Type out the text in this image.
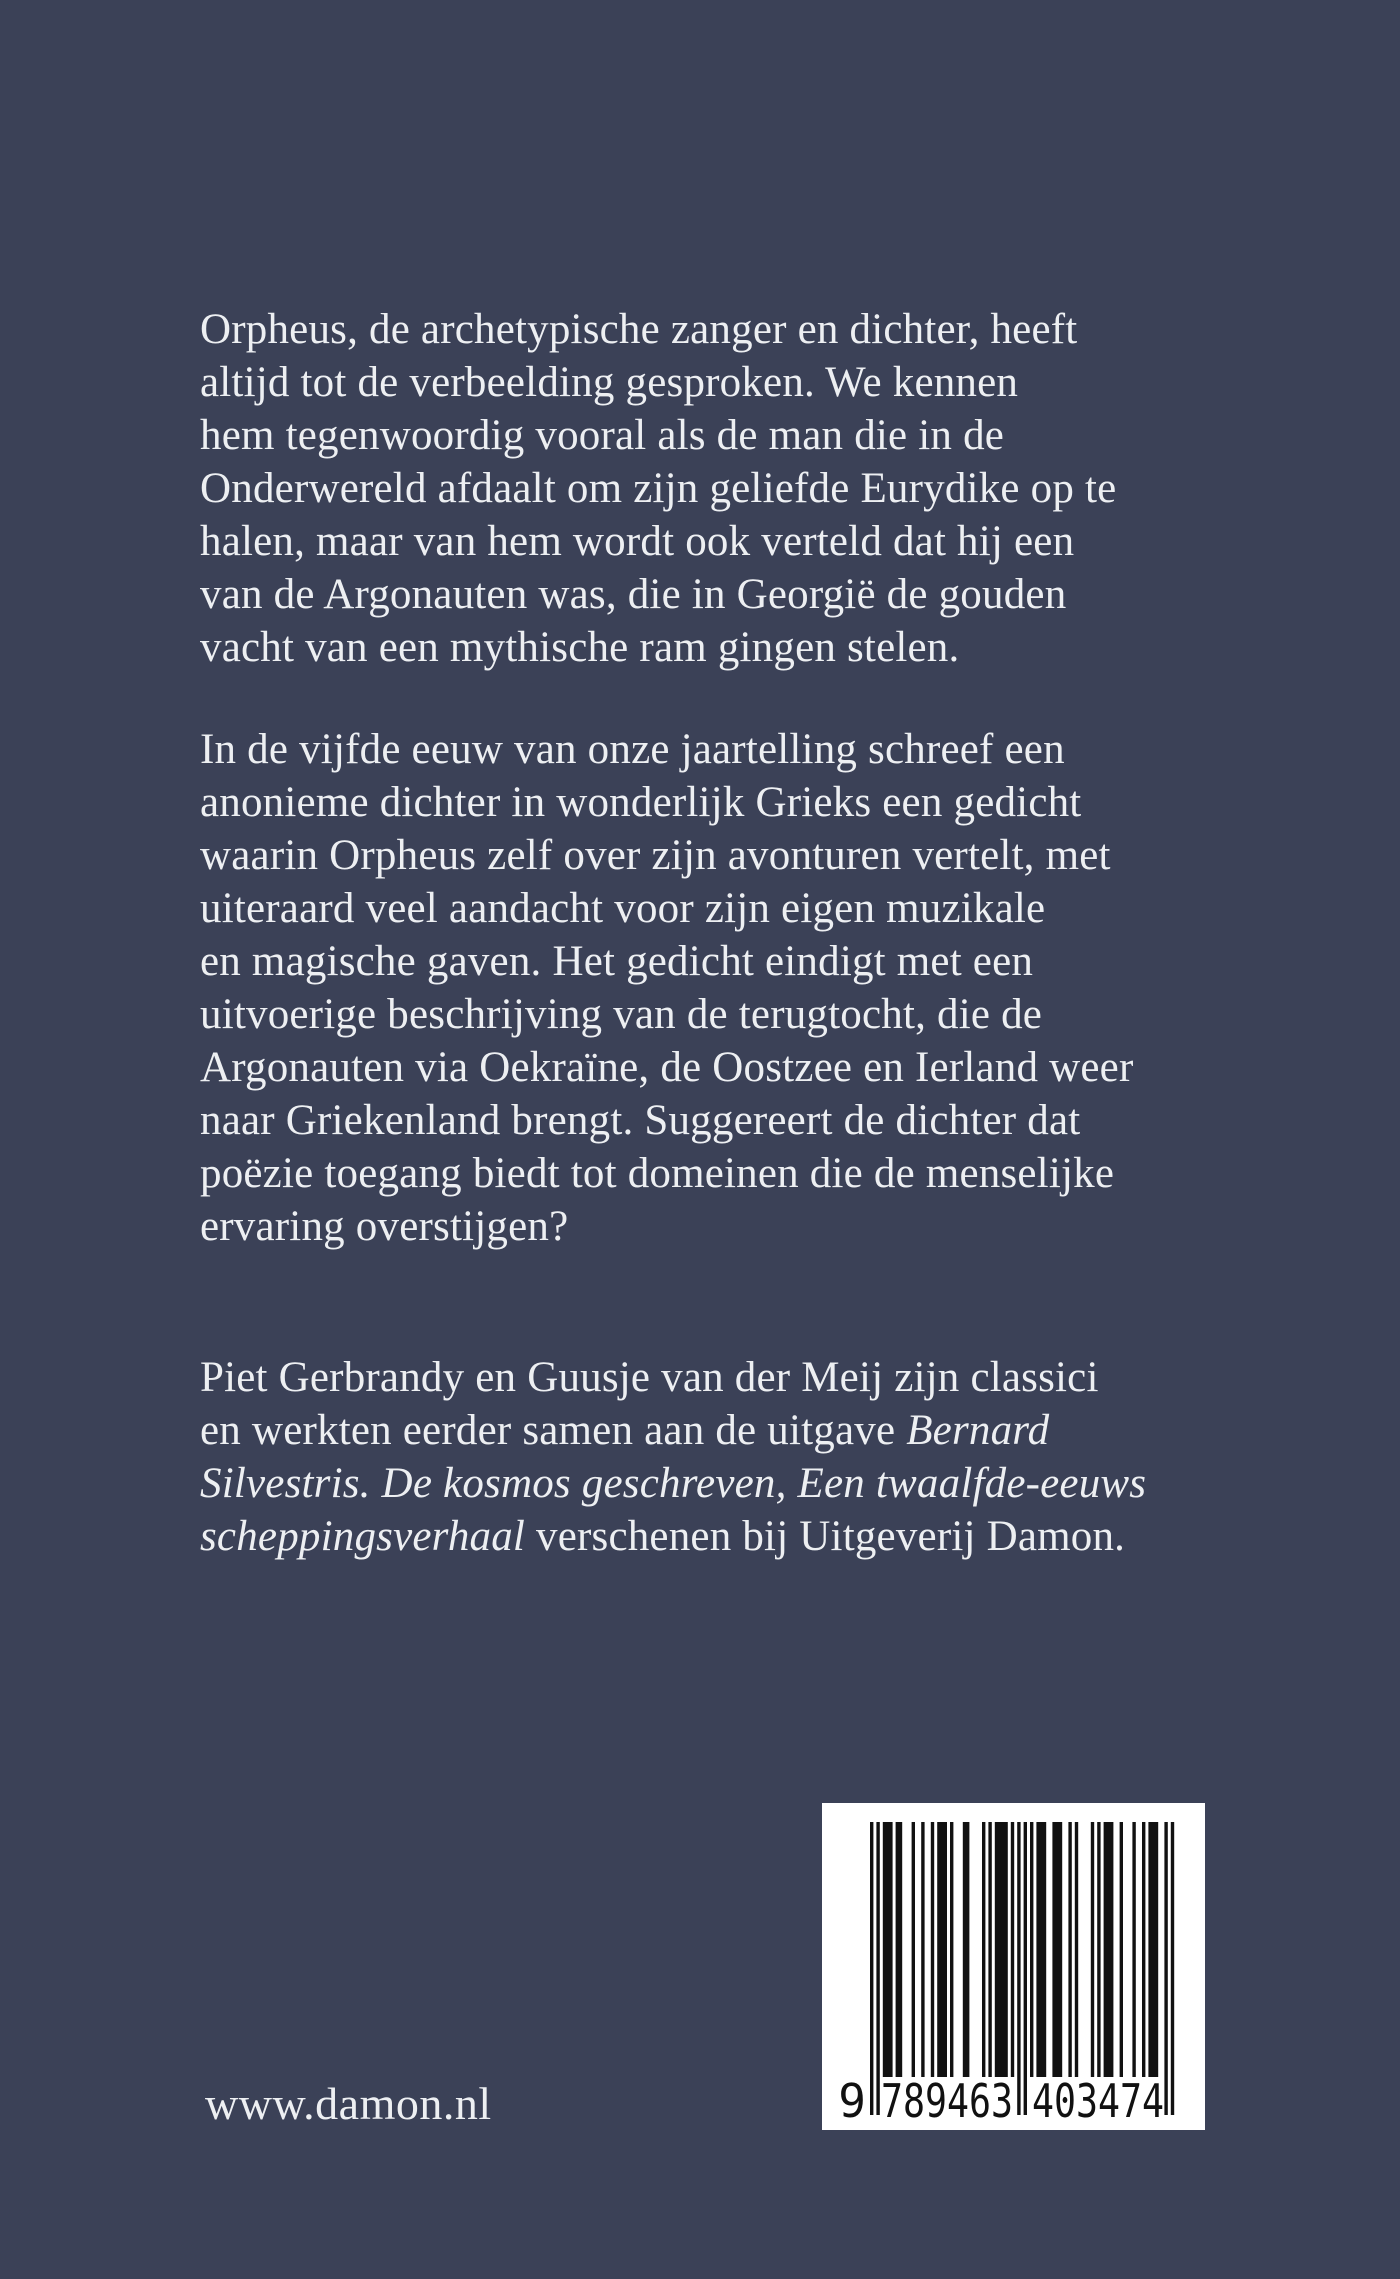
Orpheus, de archetypische zanger en dichter, heeft
altijd tot de verbeelding gesproken. We kennen
hem tegenwoordig vooral als de man die in de
Onderwereld afdaalt om zijn geliefde Eurydike op te
halen, maar van hem wordt ook verteld dat hij een
van de Argonauten was, die in Georgië de gouden
vacht van een mythische ram gingen stelen.
In de vijfde eeuw van onze jaartelling schreef een
anonieme dichter in wonderlijk Grieks een gedicht
waarin Orpheus zelf over zijn avonturen vertelt, met
uiteraard veel aandacht voor zijn eigen muzikale
en magische gaven. Het gedicht eindigt met een
uitvoerige beschrijving van de terugtocht, die de
Argonauten via Oekraïne, de Oostzee en Ierland weer
naar Griekenland brengt. Suggereert de dichter dat
poëzie toegang biedt tot domeinen die de menselijke
ervaring overstijgen?
Piet Gerbrandy en Guusje van der Meij zijn classici
en werkten eerder samen aan de uitgave Bernard
Silvestris. De kosmos geschreven, Een twaalfde-eeuws
scheppingsverhaal verschenen bij Uitgeverij Damon.
9 789463 403474
www.damon.nl
